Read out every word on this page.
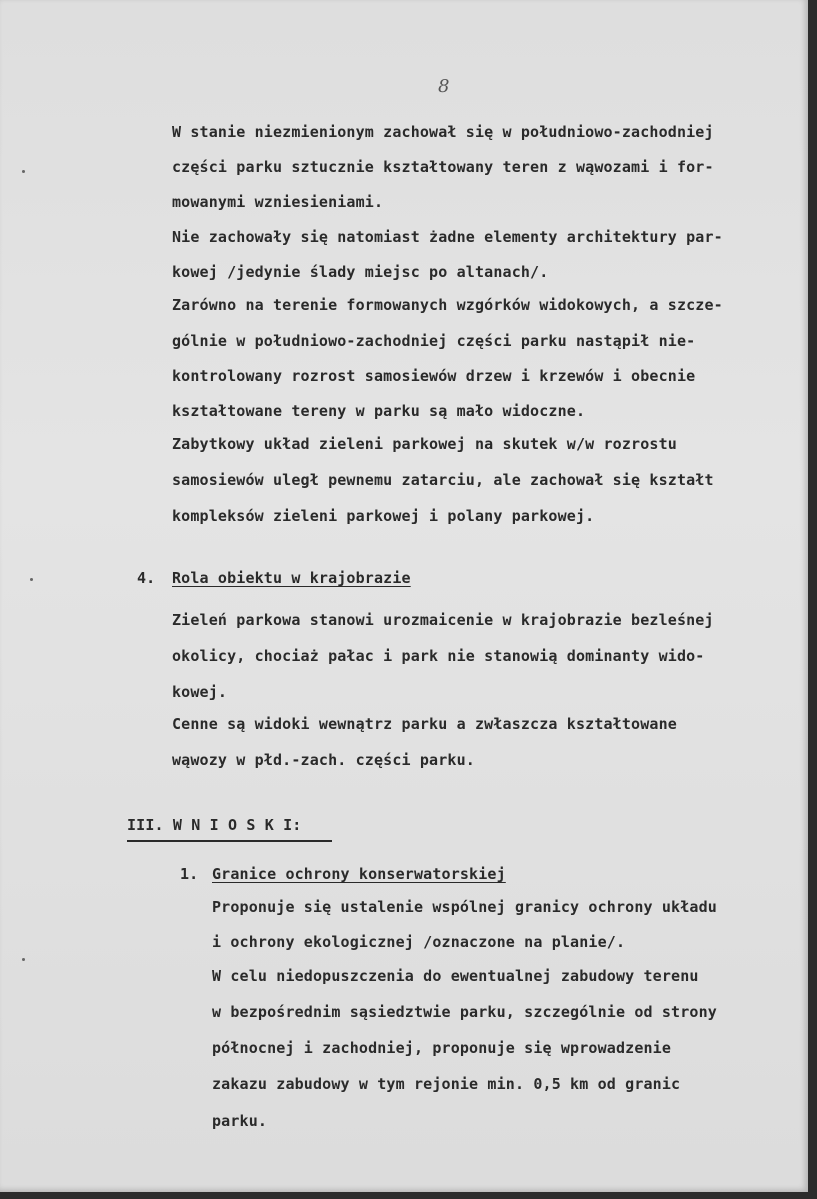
8
W stanie niezmienionym zachował się w południowo-zachodniej
części parku sztucznie kształtowany teren z wąwozami i for-
mowanymi wzniesieniami.
Nie zachowały się natomiast żadne elementy architektury par-
kowej /jedynie ślady miejsc po altanach/.
Zarówno na terenie formowanych wzgórków widokowych, a szcze-
gólnie w południowo-zachodniej części parku nastąpił nie-
kontrolowany rozrost samosiewów drzew i krzewów i obecnie
kształtowane tereny w parku są mało widoczne.
Zabytkowy układ zieleni parkowej na skutek w/w rozrostu
samosiewów uległ pewnemu zatarciu, ale zachował się kształt
kompleksów zieleni parkowej i polany parkowej.
4. Rola obiektu w krajobrazie
Zieleń parkowa stanowi urozmaicenie w krajobrazie bezleśnej
okolicy, chociaż pałac i park nie stanowią dominanty wido-
kowej.
Cenne są widoki wewnątrz parku a zwłaszcza kształtowane
wąwozy w płd.-zach. części parku.
III. W N I O S K I:
1. Granice ochrony konserwatorskiej
Proponuje się ustalenie wspólnej granicy ochrony układu
i ochrony ekologicznej /oznaczone na planie/.
W celu niedopuszczenia do ewentualnej zabudowy terenu
w bezpośrednim sąsiedztwie parku, szczególnie od strony
północnej i zachodniej, proponuje się wprowadzenie
zakazu zabudowy w tym rejonie min. 0,5 km od granic
parku.
